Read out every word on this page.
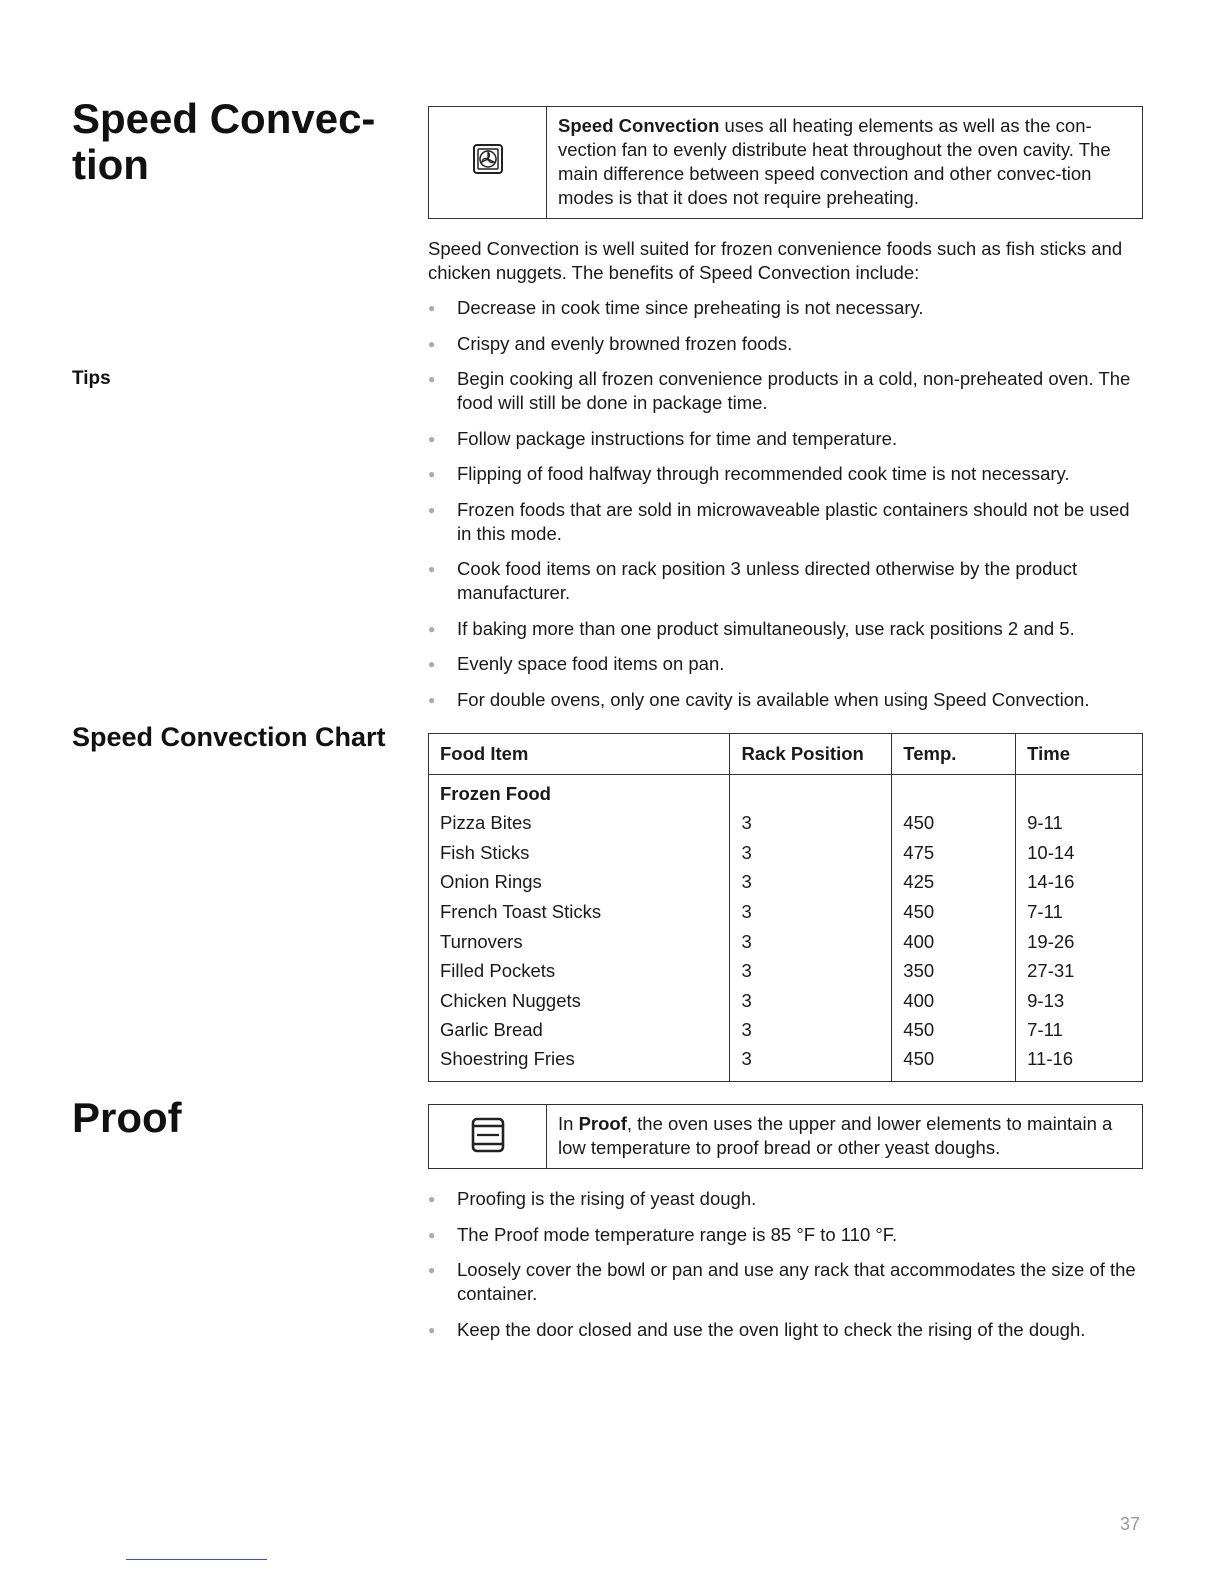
Speed Convec-
tion
Tips
Speed Convection Chart
Proof
Speed Convection uses all heating elements as well as the con-vection fan to evenly distribute heat throughout the oven cavity. The main difference between speed convection and other convec-tion modes is that it does not require preheating.

Speed Convection is well suited for frozen convenience foods such as fish sticks and chicken nuggets. The benefits of Speed Convection include:

● Decrease in cook time since preheating is not necessary.
● Crispy and evenly browned frozen foods.
● Begin cooking all frozen convenience products in a cold, non-preheated oven. The food will still be done in package time.
● Follow package instructions for time and temperature.
● Flipping of food halfway through recommended cook time is not necessary.
● Frozen foods that are sold in microwaveable plastic containers should not be used in this mode.
● Cook food items on rack position 3 unless directed otherwise by the product manufacturer.
● If baking more than one product simultaneously, use rack positions 2 and 5.
● Evenly space food items on pan.
● For double ovens, only one cavity is available when using Speed Convection.
Food Item	Rack Position	Temp.	Time
Frozen Food			
Pizza Bites	3	450	9-11
Fish Sticks	3	475	10-14
Onion Rings	3	425	14-16
French Toast Sticks	3	450	7-11
Turnovers	3	400	19-26
Filled Pockets	3	350	27-31
Chicken Nuggets	3	400	9-13
Garlic Bread	3	450	7-11
Shoestring Fries	3	450	11-16
In Proof, the oven uses the upper and lower elements to maintain a low temperature to proof bread or other yeast doughs.
● Proofing is the rising of yeast dough.
● The Proof mode temperature range is 85 °F to 110 °F.
● Loosely cover the bowl or pan and use any rack that accommodates the size of the container.
● Keep the door closed and use the oven light to check the rising of the dough.
37
